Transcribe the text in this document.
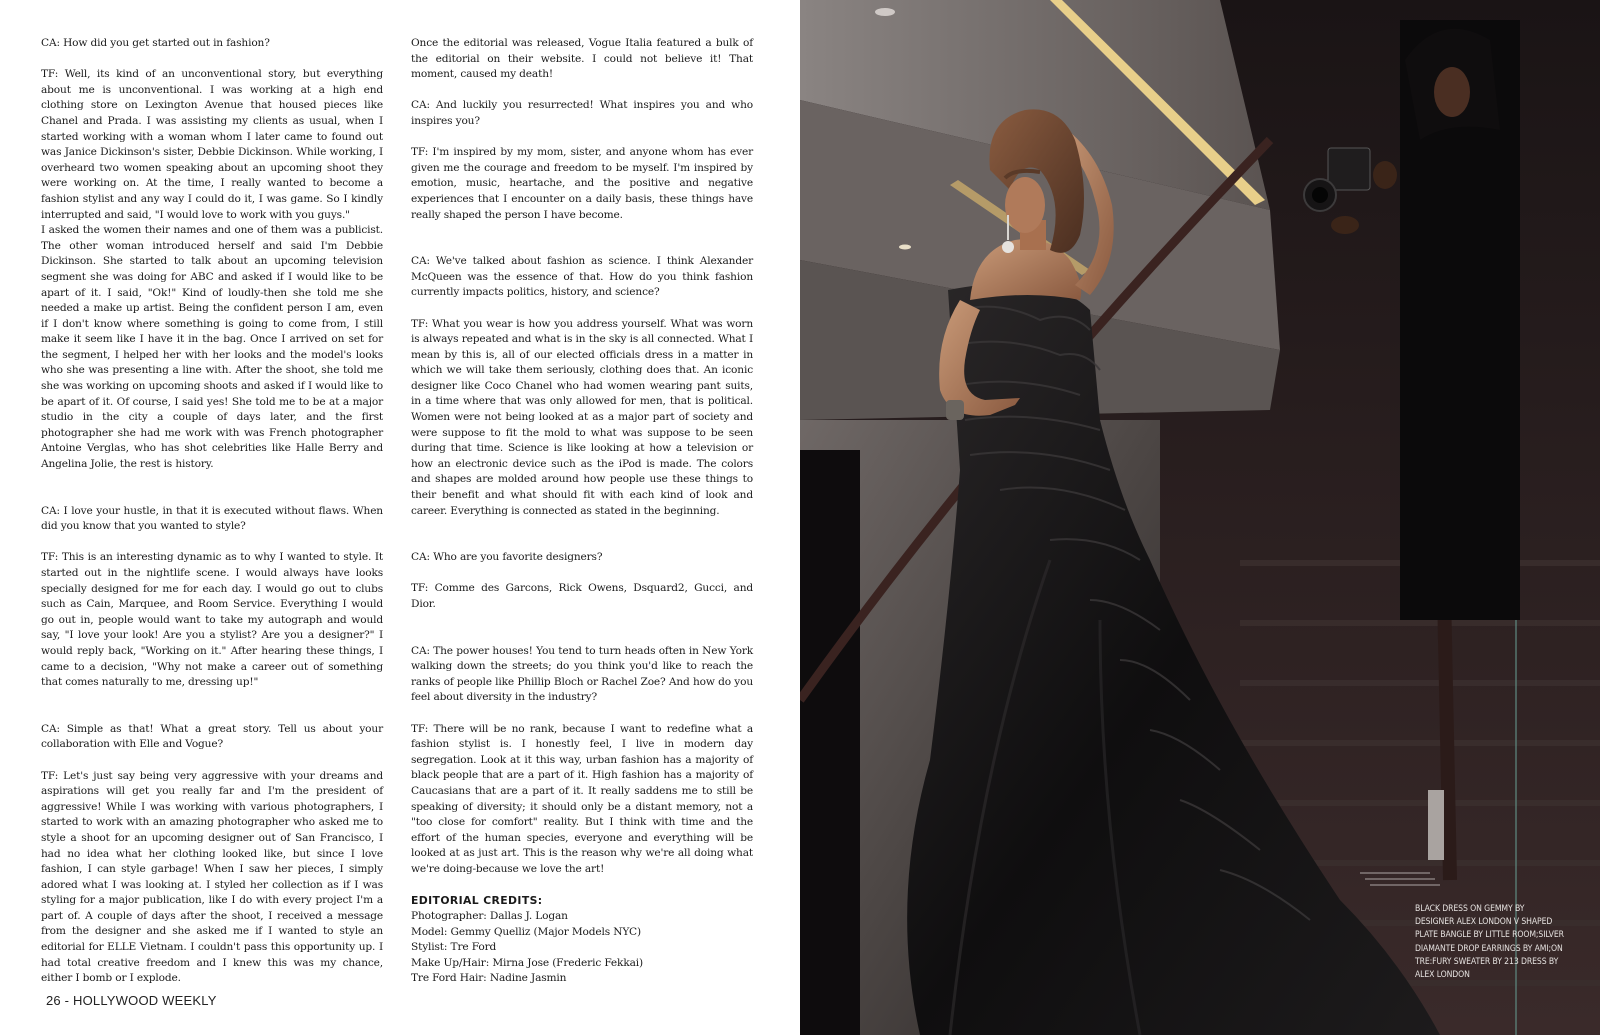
CA: How did you get started out in fashion?

TF: Well, its kind of an unconventional story, but everything about me is unconventional. I was working at a high end clothing store on Lexington Avenue that housed pieces like Chanel and Prada. I was assisting my clients as usual, when I started working with a woman whom I later came to found out was Janice Dickinson's sister, Debbie Dickinson. While working, I overheard two women speaking about an upcoming shoot they were working on. At the time, I really wanted to become a fashion stylist and any way I could do it, I was game. So I kindly interrupted and said, "I would love to work with you guys."

I asked the women their names and one of them was a publicist. The other woman introduced herself and said I'm Debbie Dickinson. She started to talk about an upcoming television segment she was doing for ABC and asked if I would like to be apart of it. I said, "Ok!" Kind of loudly-then she told me she needed a make up artist. Being the confident person I am, even if I don't know where something is going to come from, I still make it seem like I have it in the bag. Once I arrived on set for the segment, I helped her with her looks and the model's looks who she was presenting a line with. After the shoot, she told me she was working on upcoming shoots and asked if I would like to be apart of it. Of course, I said yes! She told me to be at a major studio in the city a couple of days later, and the first photographer she had me work with was French photographer Antoine Verglas, who has shot celebrities like Halle Berry and Angelina Jolie, the rest is history.

CA: I love your hustle, in that it is executed without flaws. When did you know that you wanted to style?

TF: This is an interesting dynamic as to why I wanted to style. It started out in the nightlife scene. I would always have looks specially designed for me for each day. I would go out to clubs such as Cain, Marquee, and Room Service. Everything I would go out in, people would want to take my autograph and would say, "I love your look! Are you a stylist? Are you a designer?" I would reply back, "Working on it." After hearing these things, I came to a decision, "Why not make a career out of something that comes naturally to me, dressing up!"

CA: Simple as that! What a great story. Tell us about your collaboration with Elle and Vogue?

TF: Let's just say being very aggressive with your dreams and aspirations will get you really far and I'm the president of aggressive! While I was working with various photographers, I started to work with an amazing photographer who asked me to style a shoot for an upcoming designer out of San Francisco, I had no idea what her clothing looked like, but since I love fashion, I can style garbage! When I saw her pieces, I simply adored what I was looking at. I styled her collection as if I was styling for a major publication, like I do with every project I'm a part of. A couple of days after the shoot, I received a message from the designer and she asked me if I wanted to style an editorial for ELLE Vietnam. I couldn't pass this opportunity up. I had total creative freedom and I knew this was my chance, either I bomb or I explode.

Once the editorial was released, Vogue Italia featured a bulk of the editorial on their website. I could not believe it! That moment, caused my death!

CA: And luckily you resurrected! What inspires you and who inspires you?

TF: I'm inspired by my mom, sister, and anyone whom has ever given me the courage and freedom to be myself. I'm inspired by emotion, music, heartache, and the positive and negative experiences that I encounter on a daily basis, these things have really shaped the person I have become.

CA: We've talked about fashion as science. I think Alexander McQueen was the essence of that. How do you think fashion currently impacts politics, history, and science?

TF: What you wear is how you address yourself. What was worn is always repeated and what is in the sky is all connected. What I mean by this is, all of our elected officials dress in a matter in which we will take them seriously, clothing does that. An iconic designer like Coco Chanel who had women wearing pant suits, in a time where that was only allowed for men, that is political. Women were not being looked at as a major part of society and were suppose to fit the mold to what was suppose to be seen during that time. Science is like looking at how a television or how an electronic device such as the iPod is made. The colors and shapes are molded around how people use these things to their benefit and what should fit with each kind of look and career. Everything is connected as stated in the beginning.

CA: Who are you favorite designers?

TF: Comme des Garcons, Rick Owens, Dsquard2, Gucci, and Dior.

CA: The power houses! You tend to turn heads often in New York walking down the streets; do you think you'd like to reach the ranks of people like Phillip Bloch or Rachel Zoe? And how do you feel about diversity in the industry?

TF: There will be no rank, because I want to redefine what a fashion stylist is. I honestly feel, I live in modern day segregation. Look at it this way, urban fashion has a majority of black people that are a part of it. High fashion has a majority of Caucasians that are a part of it. It really saddens me to still be speaking of diversity; it should only be a distant memory, not a "too close for comfort" reality. But I think with time and the effort of the human species, everyone and everything will be looked at as just art. This is the reason why we're all doing what we're doing-because we love the art!

EDITORIAL CREDITS:
Photographer: Dallas J. Logan
Model: Gemmy Quelliz (Major Models NYC)
Stylist: Tre Ford
Make Up/Hair: Mirna Jose (Frederic Fekkai)
Tre Ford Hair: Nadine Jasmin
26 - HOLLYWOOD WEEKLY
BLACK DRESS ON GEMMY BY DESIGNER ALEX LONDON V SHAPED PLATE BANGLE BY LITTLE ROOM;SILVER DIAMANTE DROP EARRINGS BY AMI;ON TRE:FURY SWEATER BY 213 DRESS BY ALEX LONDON
